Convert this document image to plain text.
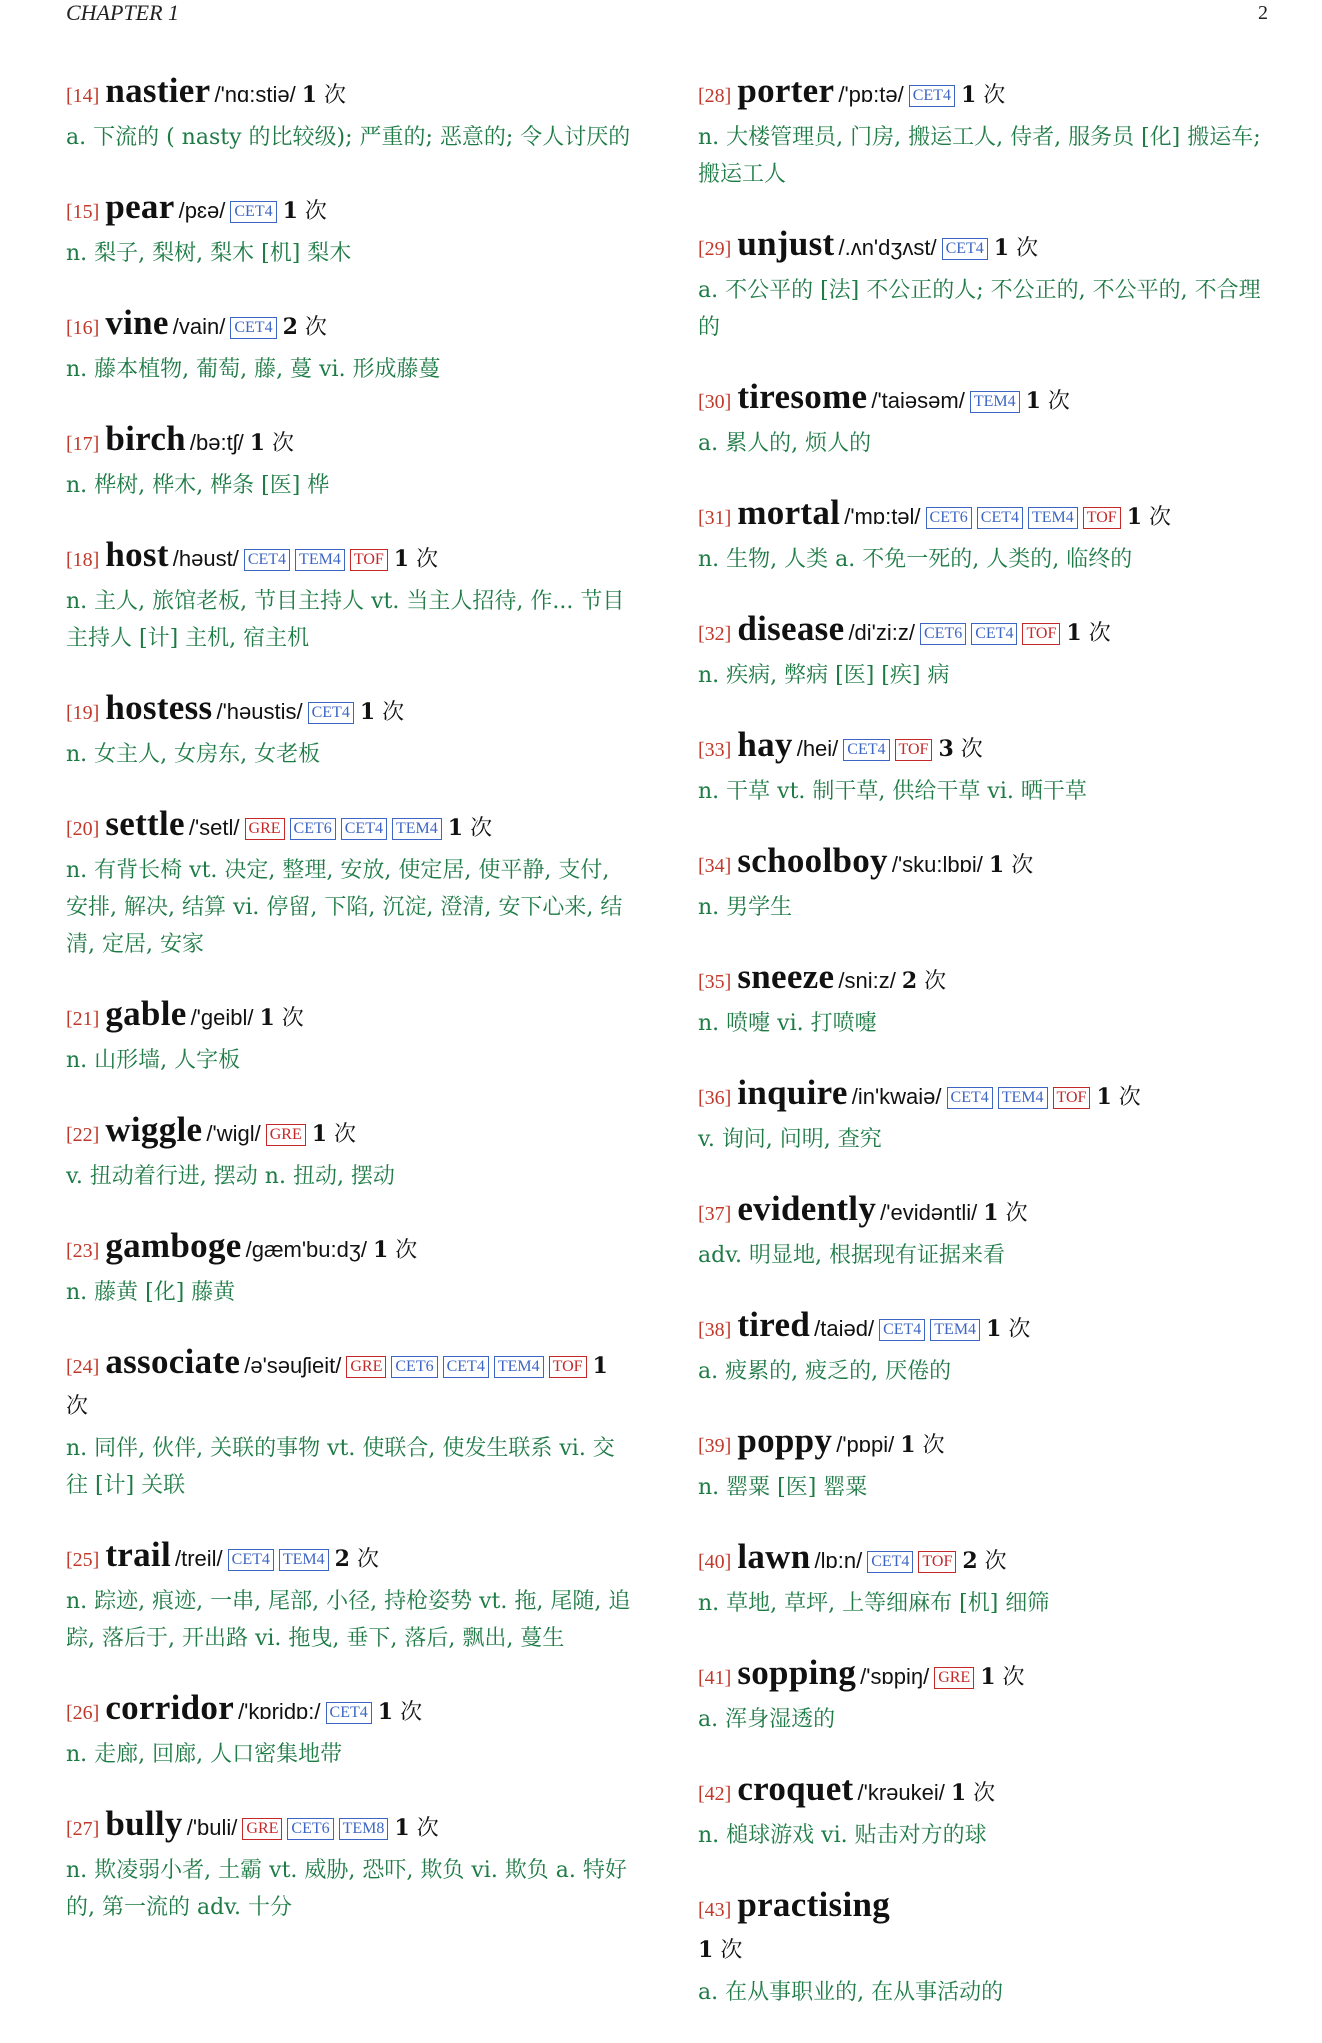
CHAPTER 1	2
[14] nastier /'nɑ:stiə/ 1 次
a. 下流的 ( nasty 的比较级); 严重的; 恶意的; 令人讨厌的
[15] pear /pɛə/ CET4 1 次
n. 梨子, 梨树, 梨木 [机] 梨木
[16] vine /vain/ CET4 2 次
n. 藤本植物, 葡萄, 藤, 蔓 vi. 形成藤蔓
[17] birch /bə:tʃ/ 1 次
n. 桦树, 桦木, 桦条 [医] 桦
[18] host /həust/ CET4 TEM4 TOF 1 次
n. 主人, 旅馆老板, 节目主持人 vt. 当主人招待, 作... 节目主持人 [计] 主机, 宿主机
[19] hostess /'həustis/ CET4 1 次
n. 女主人, 女房东, 女老板
[20] settle /'setl/ GRE CET6 CET4 TEM4 1 次
n. 有背长椅 vt. 决定, 整理, 安放, 使定居, 使平静, 支付, 安排, 解决, 结算 vi. 停留, 下陷, 沉淀, 澄清, 安下心来, 结清, 定居, 安家
[21] gable /'geibl/ 1 次
n. 山形墙, 人字板
[22] wiggle /'wigl/ GRE 1 次
v. 扭动着行进, 摆动 n. 扭动, 摆动
[23] gamboge /gæm'bu:dʒ/ 1 次
n. 藤黄 [化] 藤黄
[24] associate /ə'səuʃieit/ GRE CET6 CET4 TEM4 TOF 1 次
n. 同伴, 伙伴, 关联的事物 vt. 使联合, 使发生联系 vi. 交往 [计] 关联
[25] trail /treil/ CET4 TEM4 2 次
n. 踪迹, 痕迹, 一串, 尾部, 小径, 持枪姿势 vt. 拖, 尾随, 追踪, 落后于, 开出路 vi. 拖曳, 垂下, 落后, 飘出, 蔓生
[26] corridor /'kɒridɒ:/ CET4 1 次
n. 走廊, 回廊, 人口密集地带
[27] bully /'buli/ GRE CET6 TEM8 1 次
n. 欺凌弱小者, 土霸 vt. 威胁, 恐吓, 欺负 vi. 欺负 a. 特好的, 第一流的 adv. 十分
[28] porter /'pɒ:tə/ CET4 1 次
n. 大楼管理员, 门房, 搬运工人, 侍者, 服务员 [化] 搬运车; 搬运工人
[29] unjust /.ʌn'dʒʌst/ CET4 1 次
a. 不公平的 [法] 不公正的人; 不公正的, 不公平的, 不合理的
[30] tiresome /'taiəsəm/ TEM4 1 次
a. 累人的, 烦人的
[31] mortal /'mɒ:təl/ CET6 CET4 TEM4 TOF 1 次
n. 生物, 人类 a. 不免一死的, 人类的, 临终的
[32] disease /di'zi:z/ CET6 CET4 TOF 1 次
n. 疾病, 弊病 [医] [疾] 病
[33] hay /hei/ CET4 TOF 3 次
n. 干草 vt. 制干草, 供给干草 vi. 晒干草
[34] schoolboy /'sku:lbɒi/ 1 次
n. 男学生
[35] sneeze /sni:z/ 2 次
n. 喷嚏 vi. 打喷嚏
[36] inquire /in'kwaiə/ CET4 TEM4 TOF 1 次
v. 询问, 问明, 查究
[37] evidently /'evidəntli/ 1 次
adv. 明显地, 根据现有证据来看
[38] tired /taiəd/ CET4 TEM4 1 次
a. 疲累的, 疲乏的, 厌倦的
[39] poppy /'pɒpi/ 1 次
n. 罂粟 [医] 罂粟
[40] lawn /lɒ:n/ CET4 TOF 2 次
n. 草地, 草坪, 上等细麻布 [机] 细筛
[41] sopping /'sɒpiŋ/ GRE 1 次
a. 浑身湿透的
[42] croquet /'krəukei/ 1 次
n. 槌球游戏 vi. 贴击对方的球
[43] practising
1 次
a. 在从事职业的, 在从事活动的
